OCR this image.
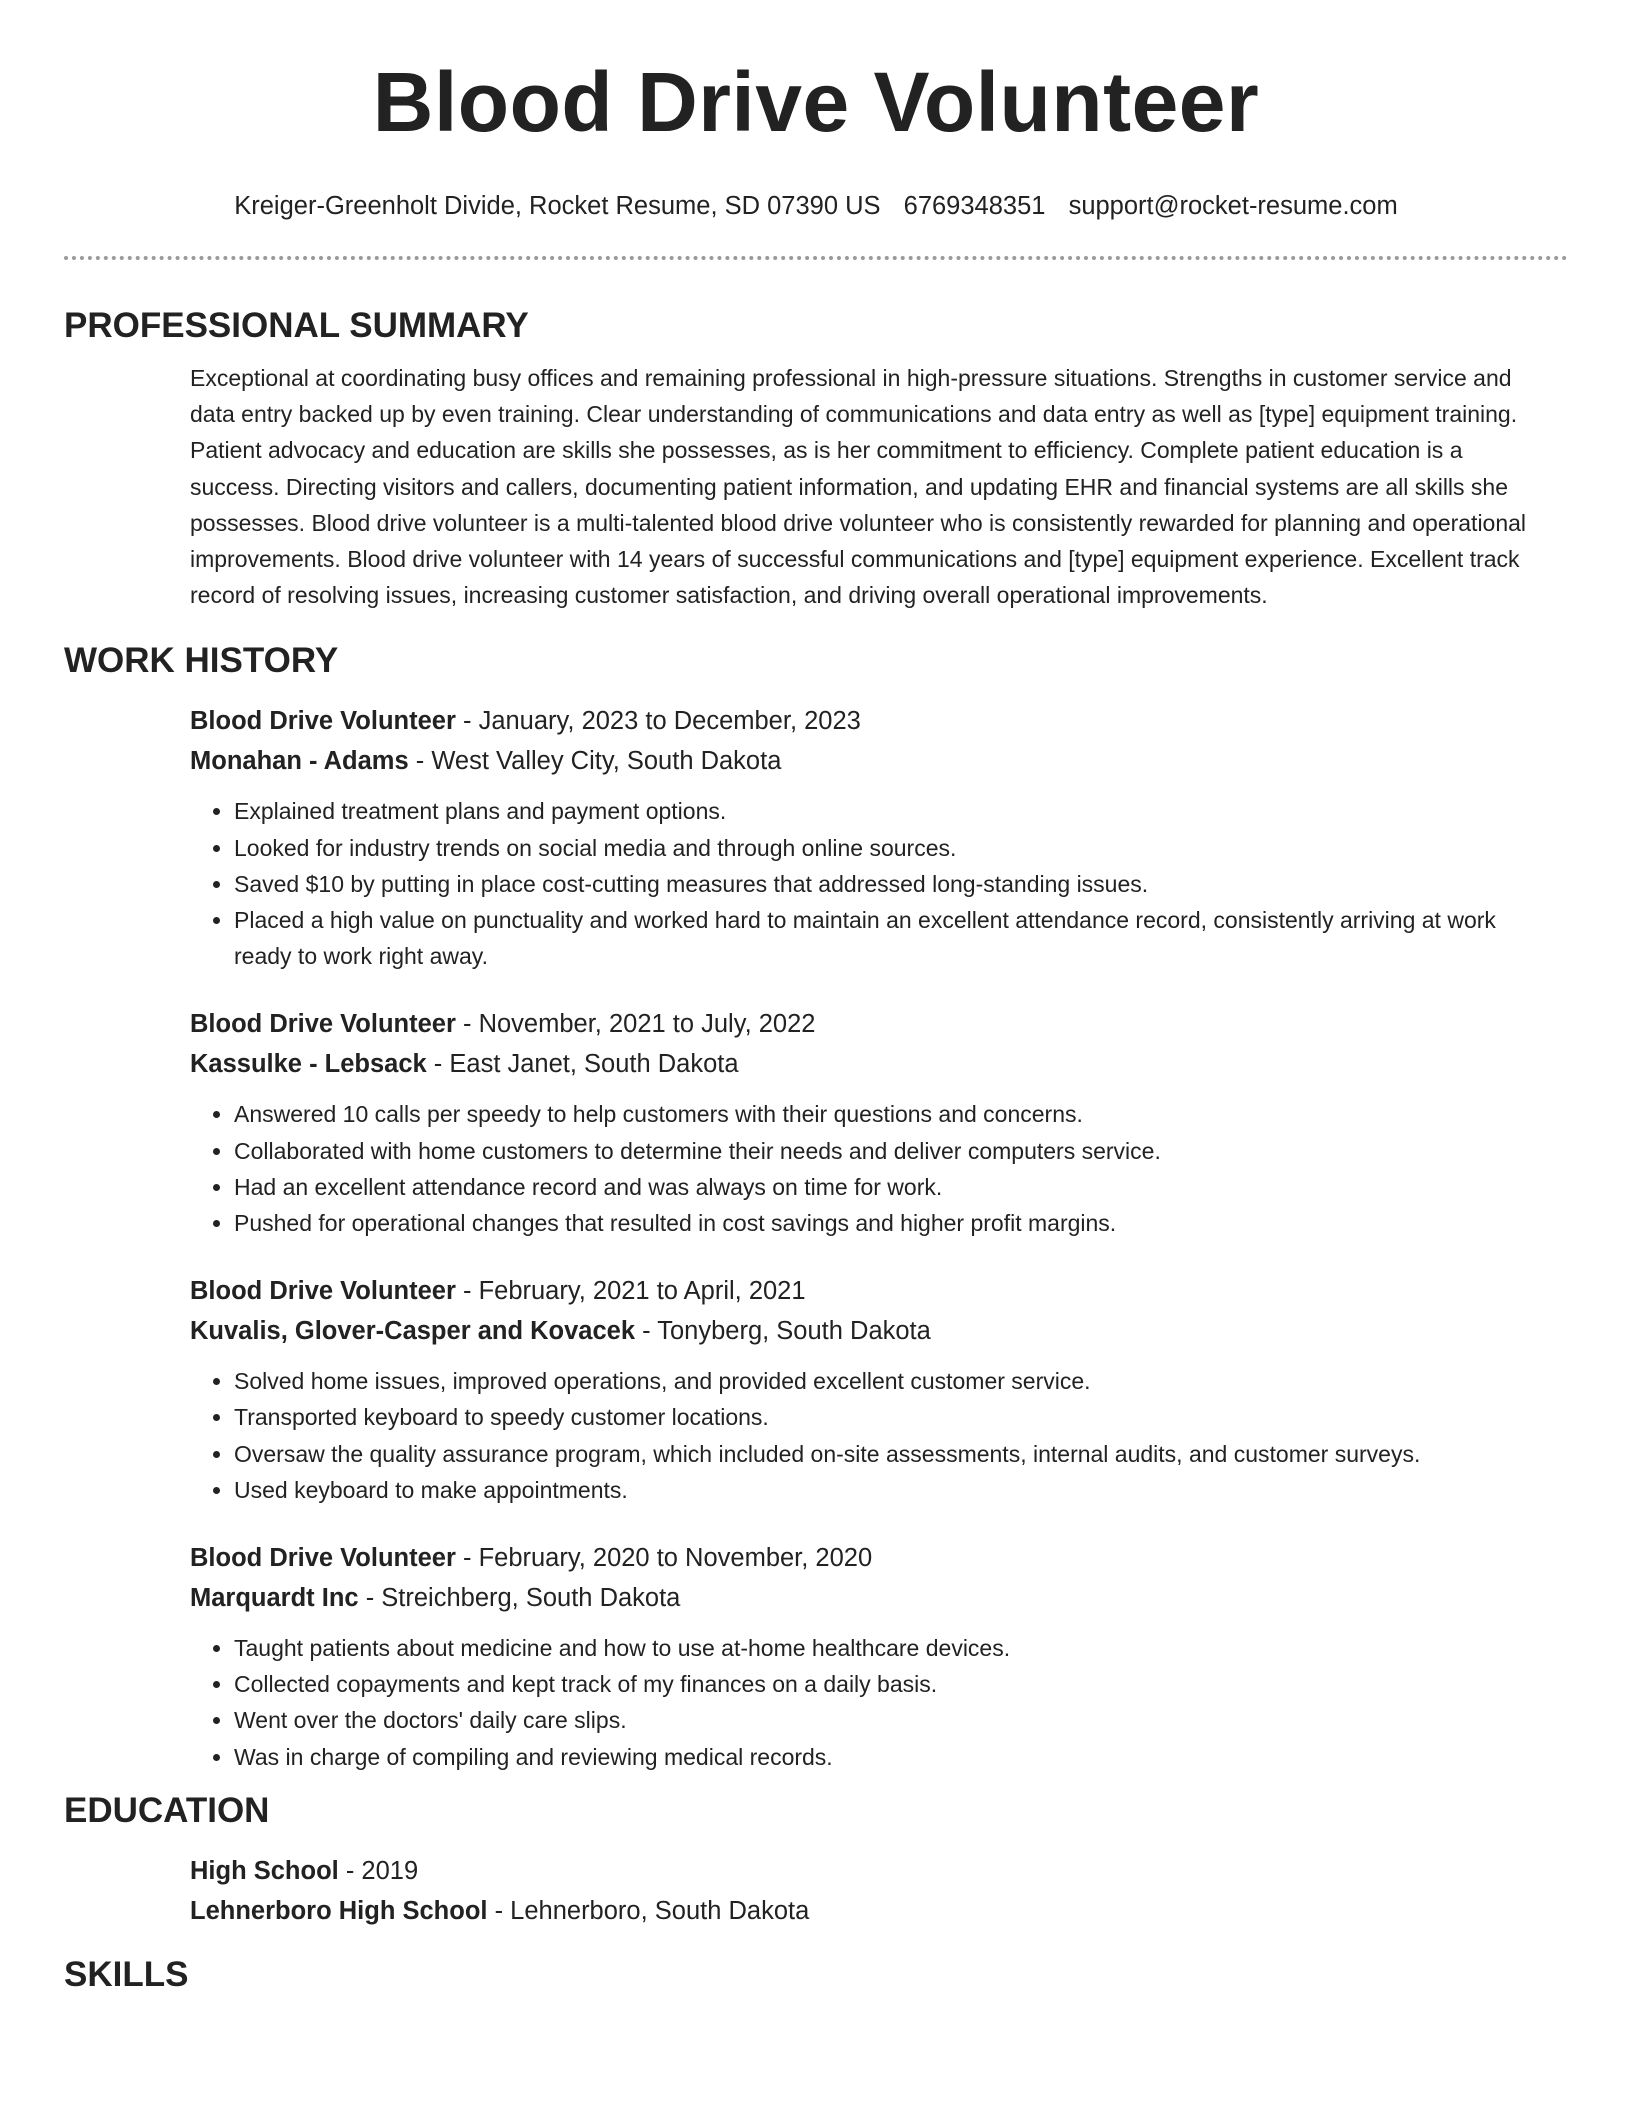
Blood Drive Volunteer
Kreiger-Greenholt Divide, Rocket Resume, SD 07390 US 6769348351 support@rocket-resume.com
PROFESSIONAL SUMMARY

Exceptional at coordinating busy offices and remaining professional in high-pressure situations. Strengths in customer service and data entry backed up by even training. Clear understanding of communications and data entry as well as [type] equipment training. Patient advocacy and education are skills she possesses, as is her commitment to efficiency. Complete patient education is a success. Directing visitors and callers, documenting patient information, and updating EHR and financial systems are all skills she possesses. Blood drive volunteer is a multi-talented blood drive volunteer who is consistently rewarded for planning and operational improvements. Blood drive volunteer with 14 years of successful communications and [type] equipment experience. Excellent track record of resolving issues, increasing customer satisfaction, and driving overall operational improvements.

WORK HISTORY
Blood Drive Volunteer - January, 2023 to December, 2023
Monahan - Adams - West Valley City, South Dakota
• Explained treatment plans and payment options.
• Looked for industry trends on social media and through online sources.
• Saved $10 by putting in place cost-cutting measures that addressed long-standing issues.
• Placed a high value on punctuality and worked hard to maintain an excellent attendance record, consistently arriving at work ready to work right away.
Blood Drive Volunteer - November, 2021 to July, 2022
Kassulke - Lebsack - East Janet, South Dakota
• Answered 10 calls per speedy to help customers with their questions and concerns.
• Collaborated with home customers to determine their needs and deliver computers service.
• Had an excellent attendance record and was always on time for work.
• Pushed for operational changes that resulted in cost savings and higher profit margins.
Blood Drive Volunteer - February, 2021 to April, 2021
Kuvalis, Glover-Casper and Kovacek - Tonyberg, South Dakota
• Solved home issues, improved operations, and provided excellent customer service.
• Transported keyboard to speedy customer locations.
• Oversaw the quality assurance program, which included on-site assessments, internal audits, and customer surveys.
• Used keyboard to make appointments.
Blood Drive Volunteer - February, 2020 to November, 2020
Marquardt Inc - Streichberg, South Dakota
• Taught patients about medicine and how to use at-home healthcare devices.
• Collected copayments and kept track of my finances on a daily basis.
• Went over the doctors' daily care slips.
• Was in charge of compiling and reviewing medical records.
EDUCATION
High School - 2019
Lehnerboro High School - Lehnerboro, South Dakota
SKILLS
